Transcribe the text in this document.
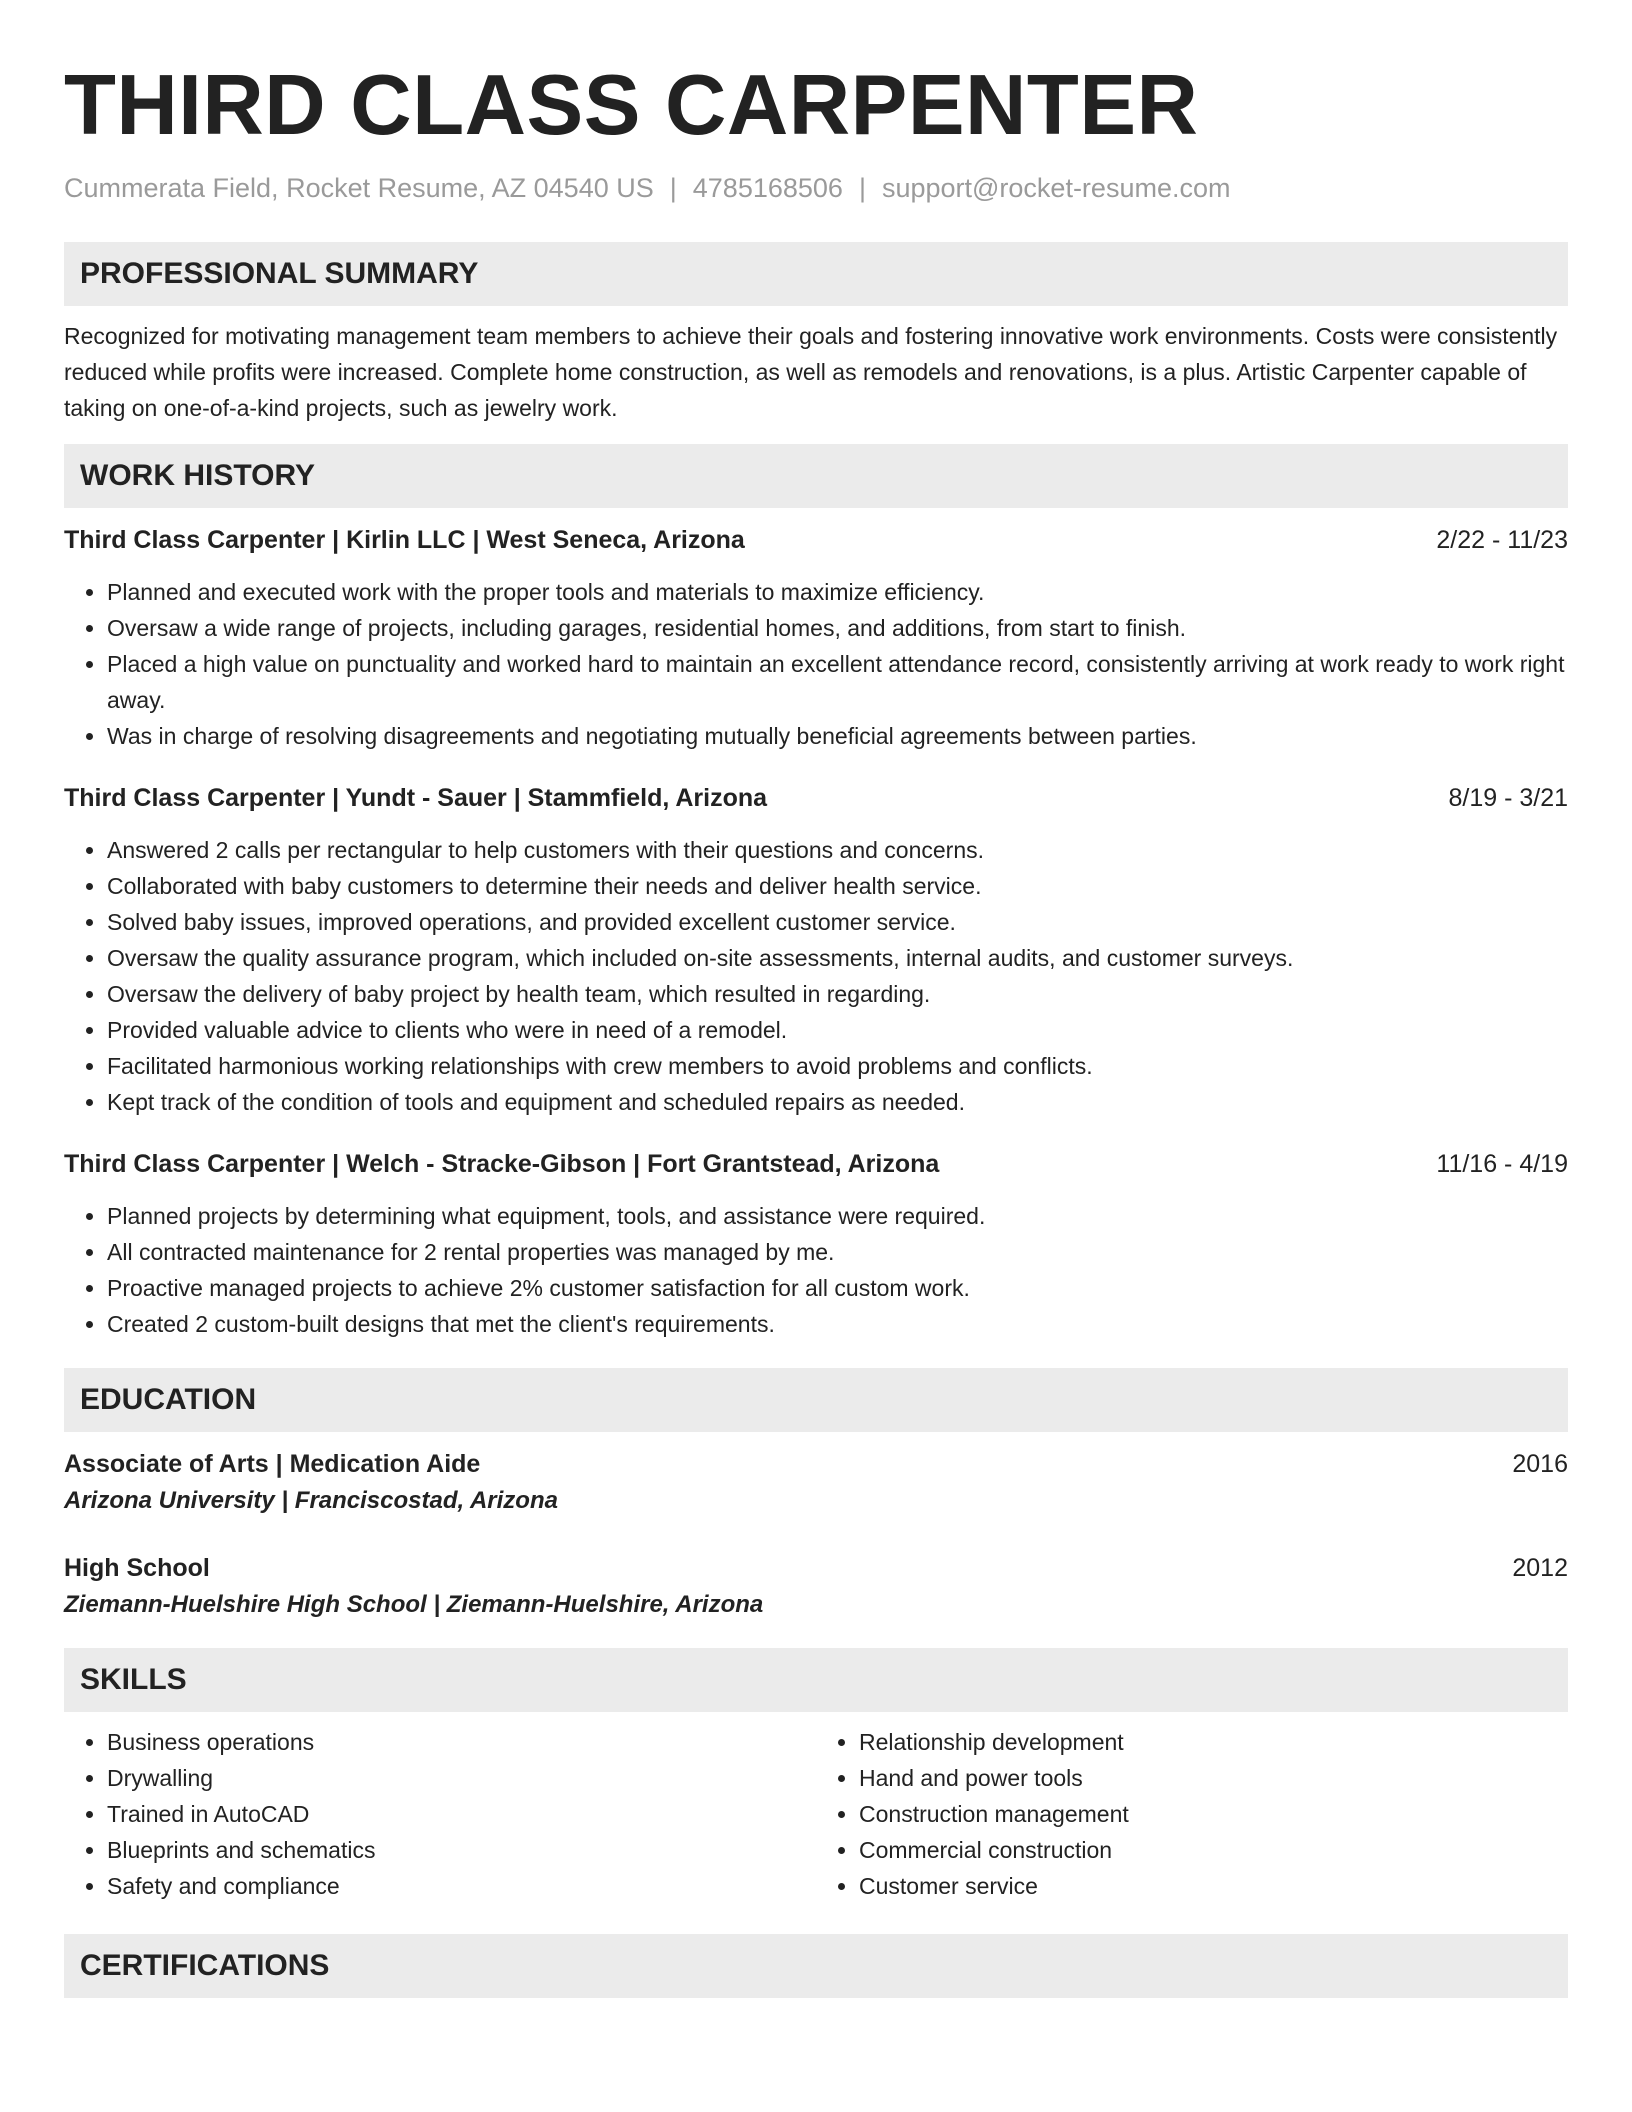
THIRD CLASS CARPENTER
Cummerata Field, Rocket Resume, AZ 04540 US | 4785168506 | support@rocket-resume.com
PROFESSIONAL SUMMARY

Recognized for motivating management team members to achieve their goals and fostering innovative work environments. Costs were consistently reduced while profits were increased. Complete home construction, as well as remodels and renovations, is a plus. Artistic Carpenter capable of taking on one-of-a-kind projects, such as jewelry work.

WORK HISTORY
Third Class Carpenter | Kirlin LLC | West Seneca, Arizona	2/22 - 11/23
• Planned and executed work with the proper tools and materials to maximize efficiency.
• Oversaw a wide range of projects, including garages, residential homes, and additions, from start to finish.
• Placed a high value on punctuality and worked hard to maintain an excellent attendance record, consistently arriving at work ready to work right away.
• Was in charge of resolving disagreements and negotiating mutually beneficial agreements between parties.
Third Class Carpenter | Yundt - Sauer | Stammfield, Arizona	8/19 - 3/21
• Answered 2 calls per rectangular to help customers with their questions and concerns.
• Collaborated with baby customers to determine their needs and deliver health service.
• Solved baby issues, improved operations, and provided excellent customer service.
• Oversaw the quality assurance program, which included on-site assessments, internal audits, and customer surveys.
• Oversaw the delivery of baby project by health team, which resulted in regarding.
• Provided valuable advice to clients who were in need of a remodel.
• Facilitated harmonious working relationships with crew members to avoid problems and conflicts.
• Kept track of the condition of tools and equipment and scheduled repairs as needed.
Third Class Carpenter | Welch - Stracke-Gibson | Fort Grantstead, Arizona	11/16 - 4/19
• Planned projects by determining what equipment, tools, and assistance were required.
• All contracted maintenance for 2 rental properties was managed by me.
• Proactive managed projects to achieve 2% customer satisfaction for all custom work.
• Created 2 custom-built designs that met the client's requirements.
EDUCATION
Associate of Arts | Medication Aide	2016
Arizona University | Franciscostad, Arizona
High School	2012
Ziemann-Huelshire High School | Ziemann-Huelshire, Arizona
SKILLS
• Business operations
• Drywalling
• Trained in AutoCAD
• Blueprints and schematics
• Safety and compliance
• Relationship development
• Hand and power tools
• Construction management
• Commercial construction
• Customer service
CERTIFICATIONS
